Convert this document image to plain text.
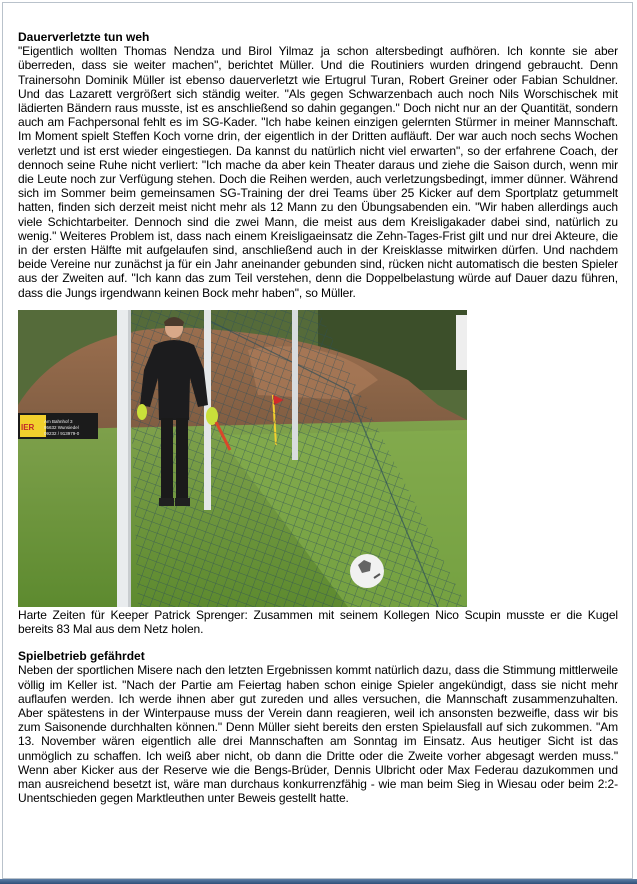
Dauerverletzte tun weh

"Eigentlich wollten Thomas Nendza und Birol Yilmaz ja schon altersbedingt aufhören. Ich konnte sie aber überreden, dass sie weiter machen", berichtet Müller. Und die Routiniers wurden dringend gebraucht. Denn Trainersohn Dominik Müller ist ebenso dauerverletzt wie Ertugrul Turan, Robert Greiner oder Fabian Schuldner. Und das Lazarett vergrößert sich ständig weiter. "Als gegen Schwarzenbach auch noch Nils Worschischek mit lädierten Bändern raus musste, ist es anschließend so dahin gegangen." Doch nicht nur an der Quantität, sondern auch am Fachpersonal fehlt es im SG-Kader. "Ich habe keinen einzigen gelernten Stürmer in meiner Mannschaft. Im Moment spielt Steffen Koch vorne drin, der eigentlich in der Dritten aufläuft. Der war auch noch sechs Wochen verletzt und ist erst wieder eingestiegen. Da kannst du natürlich nicht viel erwarten", so der erfahrene Coach, der dennoch seine Ruhe nicht verliert: "Ich mache da aber kein Theater daraus und ziehe die Saison durch, wenn mir die Leute noch zur Verfügung stehen. Doch die Reihen werden, auch verletzungsbedingt, immer dünner. Während sich im Sommer beim gemeinsamen SG-Training der drei Teams über 25 Kicker auf dem Sportplatz getummelt hatten, finden sich derzeit meist nicht mehr als 12 Mann zu den Übungsabenden ein. "Wir haben allerdings auch viele Schichtarbeiter. Dennoch sind die zwei Mann, die meist aus dem Kreisligakader dabei sind, natürlich zu wenig." Weiteres Problem ist, dass nach einem Kreisligaeinsatz die Zehn-Tages-Frist gilt und nur drei Akteure, die in der ersten Hälfte mit aufgelaufen sind, anschließend auch in der Kreisklasse mitwirken dürfen. Und nachdem beide Vereine nur zunächst ja für ein Jahr aneinander gebunden sind, rücken nicht automatisch die besten Spieler aus der Zweiten auf. "Ich kann das zum Teil verstehen, denn die Doppelbelastung würde auf Dauer dazu führen, dass die Jungs irgendwann keinen Bock mehr haben", so Müller.

Am Bahnhof 3
95632 Wunsiedel
09232 / 913979-0
IER

Harte Zeiten für Keeper Patrick Sprenger: Zusammen mit seinem Kollegen Nico Scupin musste er die Kugel bereits 83 Mal aus dem Netz holen.

Spielbetrieb gefährdet

Neben der sportlichen Misere nach den letzten Ergebnissen kommt natürlich dazu, dass die Stimmung mittlerweile völlig im Keller ist. "Nach der Partie am Feiertag haben schon einige Spieler angekündigt, dass sie nicht mehr auflaufen werden. Ich werde ihnen aber gut zureden und alles versuchen, die Mannschaft zusammenzuhalten. Aber spätestens in der Winterpause muss der Verein dann reagieren, weil ich ansonsten bezweifle, dass wir bis zum Saisonende durchhalten können." Denn Müller sieht bereits den ersten Spielausfall auf sich zukommen. "Am 13. November wären eigentlich alle drei Mannschaften am Sonntag im Einsatz. Aus heutiger Sicht ist das unmöglich zu schaffen. Ich weiß aber nicht, ob dann die Dritte oder die Zweite vorher abgesagt werden muss." Wenn aber Kicker aus der Reserve wie die Bengs-Brüder, Dennis Ulbricht oder Max Federau dazukommen und man ausreichend besetzt ist, wäre man durchaus konkurrenzfähig - wie man beim Sieg in Wiesau oder beim 2:2-Unentschieden gegen Marktleuthen unter Beweis gestellt hatte.
